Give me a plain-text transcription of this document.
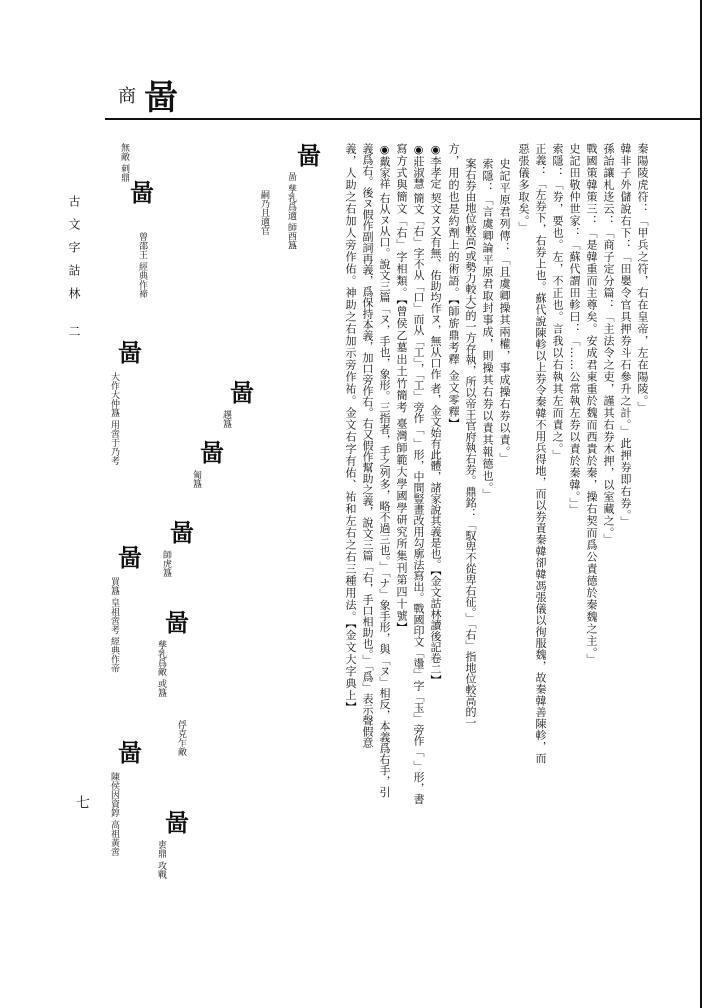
商 啚
古文字詁林 二
七
秦陽陵虎符：「甲兵之符，右在皇帝，左在陽陵。」
韓非子外儲說右下：「田嬰令官具押券斗石參升之計。」此押券即右券。」
孫詒讓札迻云：「商子定分篇：「主法令之吏，謹其右券木押，以室藏之。」
戰國策韓策三：「是韓重而主尊矣。安成君東重於魏而西貴於秦，操右契而爲公責德於秦魏之主。」
史記田敬仲世家：「蘇代謂田軫曰：「……公常執左券以責於秦韓。」」
索隱：「券，要也。左，不正也。言我以右執其左而責之。」
正義：「左券下，右券上也。蘇代說陳軫以上券令秦韓不用兵得地，而以券責秦韓卻韓馮張儀以徇服魏，故秦韓善陳軫，而
惡張儀多取矣。」
史記平原君列傳：「且虞卿操其兩權，事成操右券以責。」
索隱：「言虞卿論平原君取封事成，則操其右券以責其報德也。」
案右券由地位較高(或勢力較大)的一方存執，所以帝王官府執右券。鼎銘：「馭卑不從卑右征。」「右」指地位較高的一
方，用的也是約劑上的術語。【師旂鼎考釋 金文零釋】
◉李孝定 契文ヌ又有無、佑助均作ヌ，無从口作 者，金文始有此體，諸家說其義是也。【金文詁林讀後記卷二】
◉莊淑慧 簡文「右」字不从「口」而从「工」，「工」旁作「 」形，中間豎畫改用勾廓法寫出。戰國印文「璗」字「玉」旁作「 」形，書
寫方式與簡文「右」字相類。【曾侯乙墓出土竹簡考 臺灣師範大學國學研究所集刊第四十號】
◉戴家祥 右从ヌ从口。說文三篇「ヌ，手也，象形。三指者，手之列多，略不過三也。」「ナ」象手形，與「ヌ」相反，本義爲右手，引
義爲右。後ヌ假作副詞再義，爲保持本義，加口旁作右。右又假作幫助之義，說文三篇「右，手口相助也。」「爲」表示聲假意
義，人助之右加人旁作佑。神助之右加示旁作祐。金文右字有佑、祐和左右之右三種用法。【金文大字典上】
啚
啚 孳乳爲適 師酉簋
嗣乃且適官
啚
趩簋
啚
匍簋
啚
師虎簋
啚
孳乳爲敵 或簋
俘克乍敵
啚
叀鼎 攻戰
啚
無敵 刺鼎
曾邵王 經典作禘
啚
大作大仲簋 用啻于乃考
啚
買簋 皇祖啻考 經典作帝
啚
陳侯因資錞 高祖黃啻
